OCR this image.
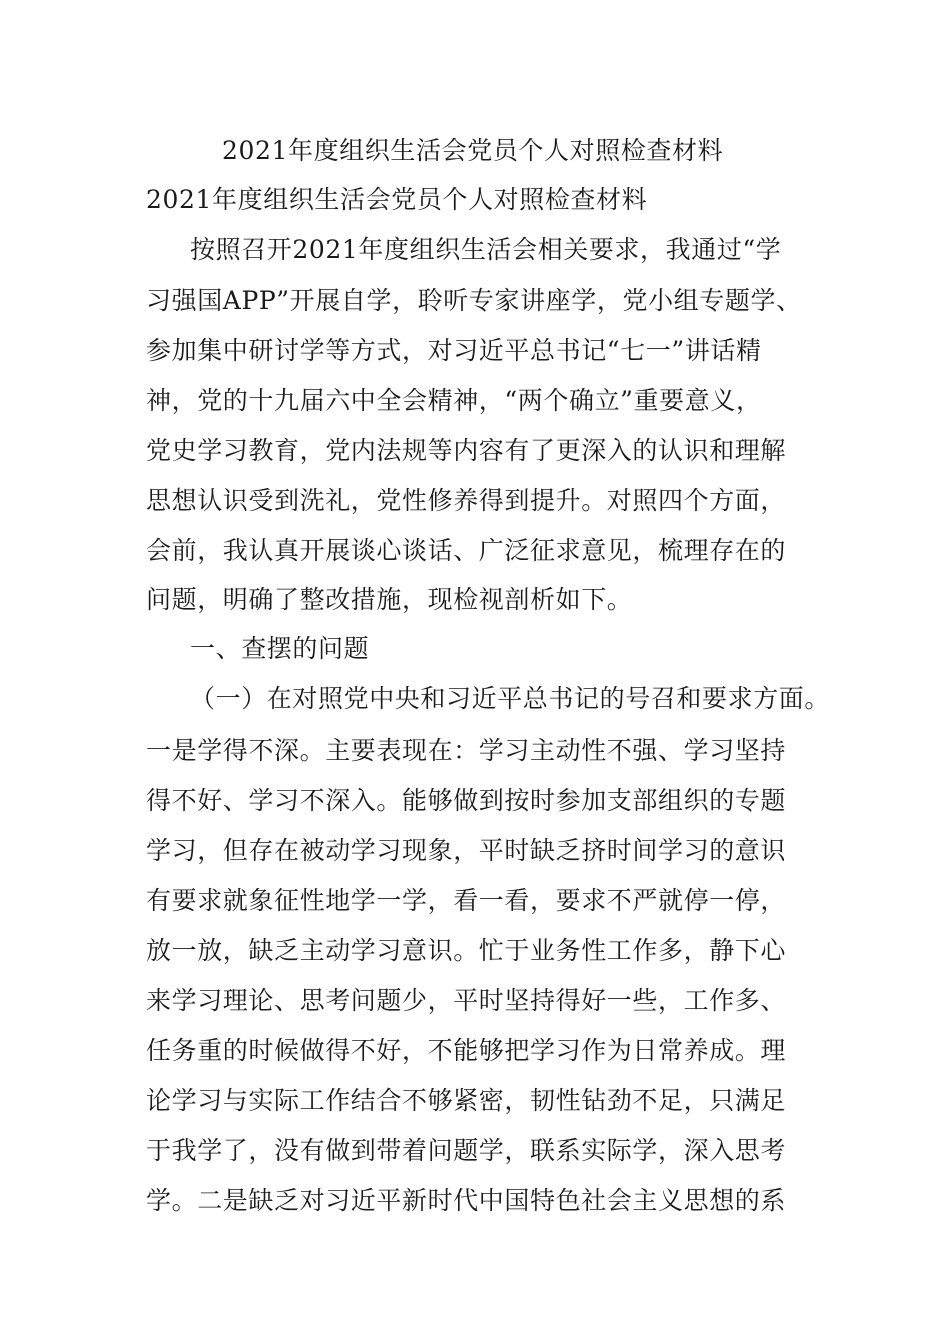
2021年度组织生活会党员个人对照检查材料
2021年度组织生活会党员个人对照检查材料
按照召开2021年度组织生活会相关要求，我通过“学
习强国APP”开展自学，聆听专家讲座学，党小组专题学、
参加集中研讨学等方式，对习近平总书记“七一”讲话精
神，党的十九届六中全会精神，“两个确立”重要意义，
党史学习教育，党内法规等内容有了更深入的认识和理解
思想认识受到洗礼，党性修养得到提升。对照四个方面，
会前，我认真开展谈心谈话、广泛征求意见，梳理存在的
问题，明确了整改措施，现检视剖析如下。
一、查摆的问题
（一）在对照党中央和习近平总书记的号召和要求方面。
一是学得不深。主要表现在：学习主动性不强、学习坚持
得不好、学习不深入。能够做到按时参加支部组织的专题
学习，但存在被动学习现象，平时缺乏挤时间学习的意识
有要求就象征性地学一学，看一看，要求不严就停一停，
放一放，缺乏主动学习意识。忙于业务性工作多，静下心
来学习理论、思考问题少，平时坚持得好一些，工作多、
任务重的时候做得不好，不能够把学习作为日常养成。理
论学习与实际工作结合不够紧密，韧性钻劲不足，只满足
于我学了，没有做到带着问题学，联系实际学，深入思考
学。二是缺乏对习近平新时代中国特色社会主义思想的系
